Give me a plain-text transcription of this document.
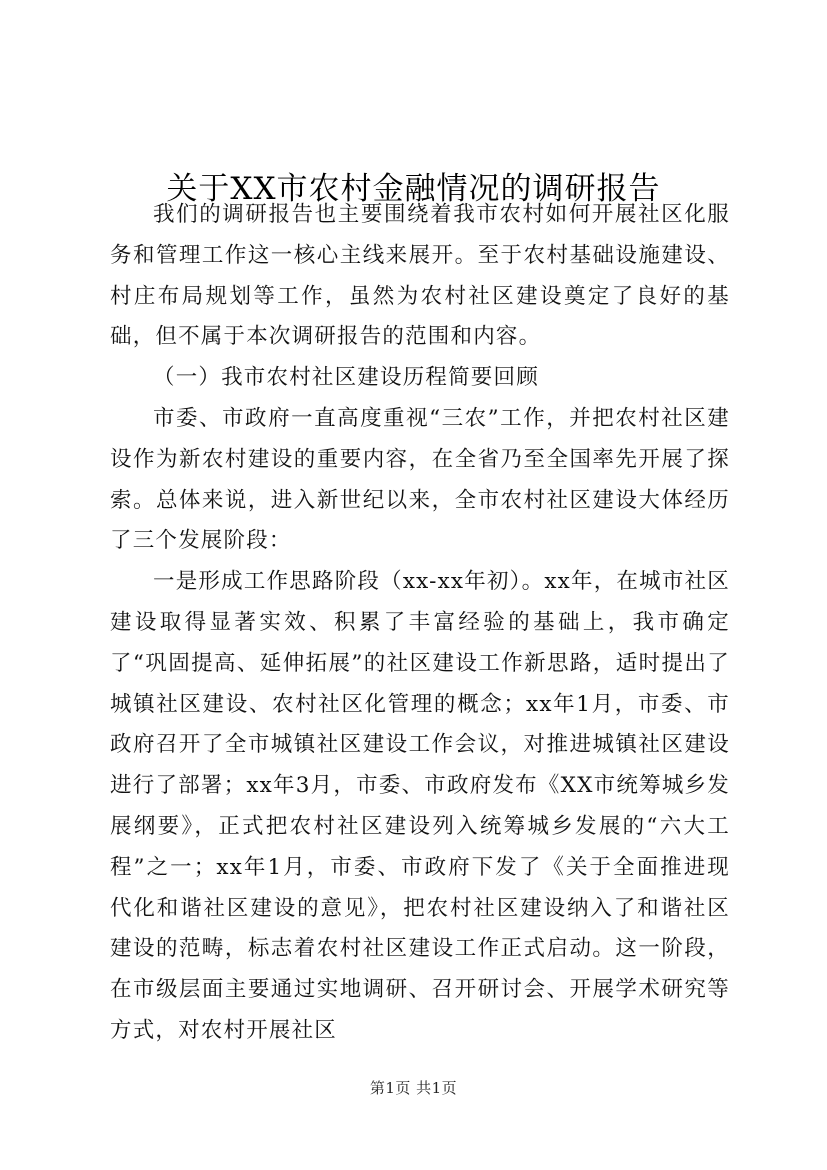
关于XX市农村金融情况的调研报告

我们的调研报告也主要围绕着我市农村如何开展社区化服务和管理工作这一核心主线来展开。至于农村基础设施建设、村庄布局规划等工作，虽然为农村社区建设奠定了良好的基础，但不属于本次调研报告的范围和内容。

（一）我市农村社区建设历程简要回顾

市委、市政府一直高度重视“三农”工作，并把农村社区建设作为新农村建设的重要内容，在全省乃至全国率先开展了探索。总体来说，进入新世纪以来，全市农村社区建设大体经历了三个发展阶段：

一是形成工作思路阶段（xx-xx年初）。xx年，在城市社区建设取得显著实效、积累了丰富经验的基础上，我市确定了“巩固提高、延伸拓展”的社区建设工作新思路，适时提出了城镇社区建设、农村社区化管理的概念；xx年1月，市委、市政府召开了全市城镇社区建设工作会议，对推进城镇社区建设进行了部署；xx年3月，市委、市政府发布《XX市统筹城乡发展纲要》，正式把农村社区建设列入统筹城乡发展的“六大工程”之一；xx年1月，市委、市政府下发了《关于全面推进现代化和谐社区建设的意见》，把农村社区建设纳入了和谐社区建设的范畴，标志着农村社区建设工作正式启动。这一阶段，在市级层面主要通过实地调研、召开研讨会、开展学术研究等方式，对农村开展社区

第1页 共1页
